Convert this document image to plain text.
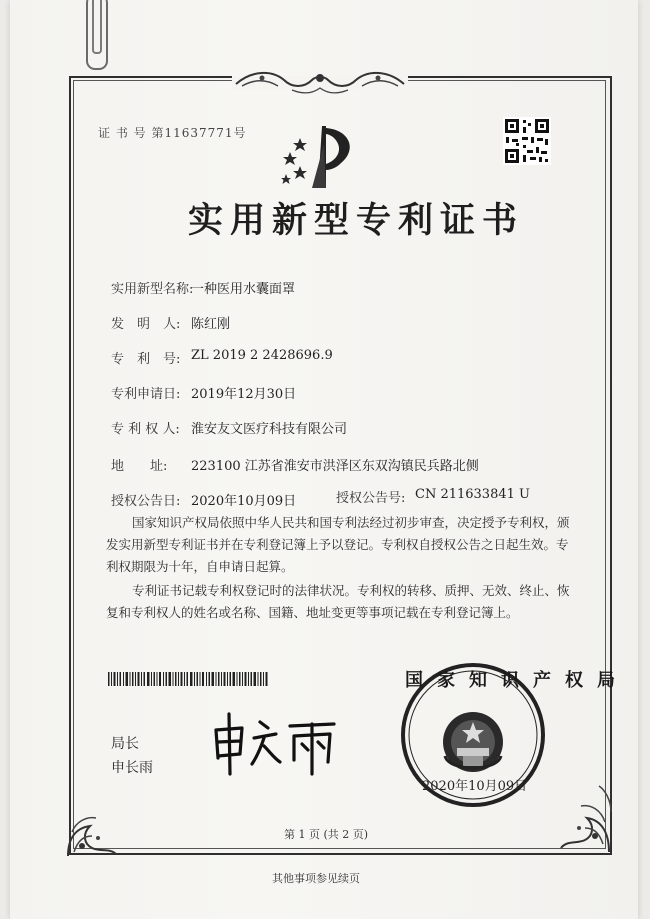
证 书 号 第11637771号
实用新型专利证书
实用新型名称:
一种医用水囊面罩
发　明　人: 陈红刚
专　利　号: ZL 2019 2 2428696.9
专利申请日: 2019年12月30日
专 利 权 人: 淮安友文医疗科技有限公司
地　　址: 223100 江苏省淮安市洪泽区东双沟镇民兵路北侧
授权公告日: 2020年10月09日	授权公告号: CN 211633841 U
国家知识产权局依照中华人民共和国专利法经过初步审查，决定授予专利权，颁发实用新型专利证书并在专利登记簿上予以登记。专利权自授权公告之日起生效。专利权期限为十年，自申请日起算。
专利证书记载专利权登记时的法律状况。专利权的转移、质押、无效、终止、恢复和专利权人的姓名或名称、国籍、地址变更等事项记载在专利登记簿上。
局长
申长雨
国家知识产权局
2020年10月09日
第 1 页 (共 2 页)
其他事项参见续页
